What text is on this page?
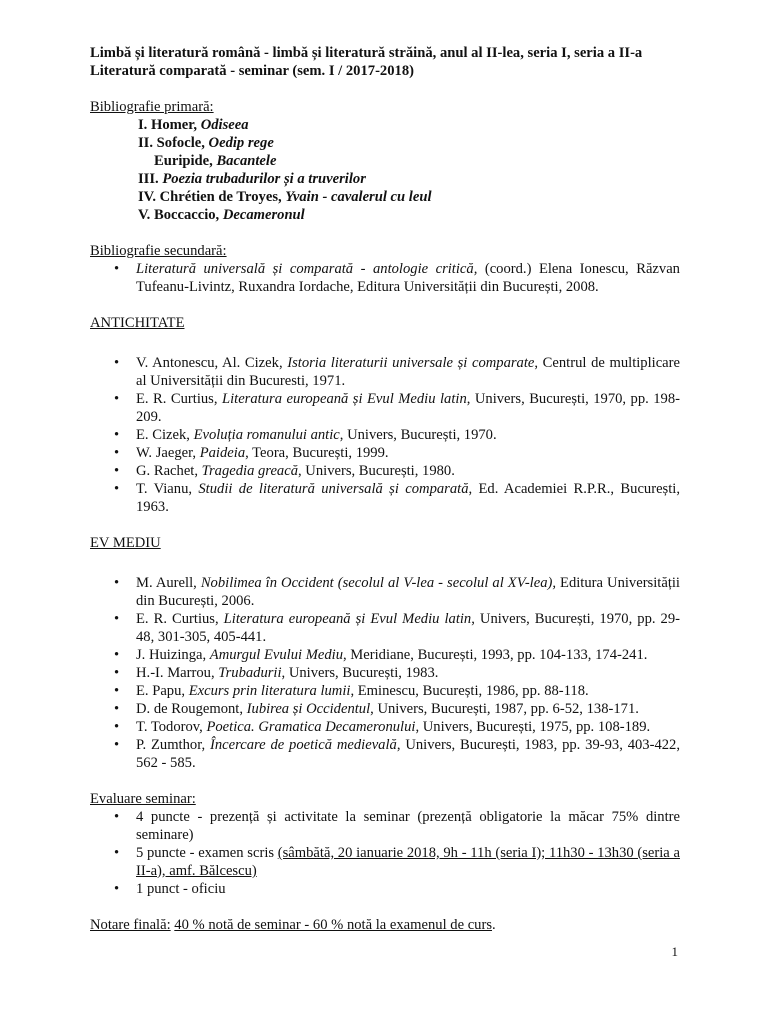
Limbă și literatură română - limbă și literatură străină, anul al II-lea, seria I, seria a II-a

Literatură comparată - seminar (sem. I / 2017-2018)

Bibliografie primară:

I. Homer, Odiseea
II. Sofocle, Oedip rege
Euripide, Bacantele
III. Poezia trubadurilor și a truverilor
IV. Chrétien de Troyes, Yvain - cavalerul cu leul
V. Boccaccio, Decameronul

Bibliografie secundară:

• Literatură universală și comparată - antologie critică, (coord.) Elena Ionescu, Răzvan Tufeanu-Livintz, Ruxandra Iordache, Editura Universității din București, 2008.

ANTICHITATE

• V. Antonescu, Al. Cizek, Istoria literaturii universale și comparate, Centrul de multiplicare al Universității din Bucuresti, 1971.
• E. R. Curtius, Literatura europeană și Evul Mediu latin, Univers, București, 1970, pp. 198-209.
• E. Cizek, Evoluția romanului antic, Univers, București, 1970.
• W. Jaeger, Paideia, Teora, București, 1999.
• G. Rachet, Tragedia greacă, Univers, București, 1980.
• T. Vianu, Studii de literatură universală și comparată, Ed. Academiei R.P.R., București, 1963.

EV MEDIU

• M. Aurell, Nobilimea în Occident (secolul al V-lea - secolul al XV-lea), Editura Universității din București, 2006.
• E. R. Curtius, Literatura europeană și Evul Mediu latin, Univers, București, 1970, pp. 29-48, 301-305, 405-441.
• J. Huizinga, Amurgul Evului Mediu, Meridiane, București, 1993, pp. 104-133, 174-241.
• H.-I. Marrou, Trubadurii, Univers, București, 1983.
• E. Papu, Excurs prin literatura lumii, Eminescu, București, 1986, pp. 88-118.
• D. de Rougemont, Iubirea și Occidentul, Univers, București, 1987, pp. 6-52, 138-171.
• T. Todorov, Poetica. Gramatica Decameronului, Univers, București, 1975, pp. 108-189.
• P. Zumthor, Încercare de poetică medievală, Univers, București, 1983, pp. 39-93, 403-422, 562 - 585.

Evaluare seminar:

• 4 puncte - prezență și activitate la seminar (prezență obligatorie la măcar 75% dintre seminare)
• 5 puncte - examen scris (sâmbătă, 20 ianuarie 2018, 9h - 11h (seria I); 11h30 - 13h30 (seria a II-a), amf. Bălcescu)
• 1 punct - oficiu

Notare finală: 40 % notă de seminar - 60 % notă la examenul de curs.

1
